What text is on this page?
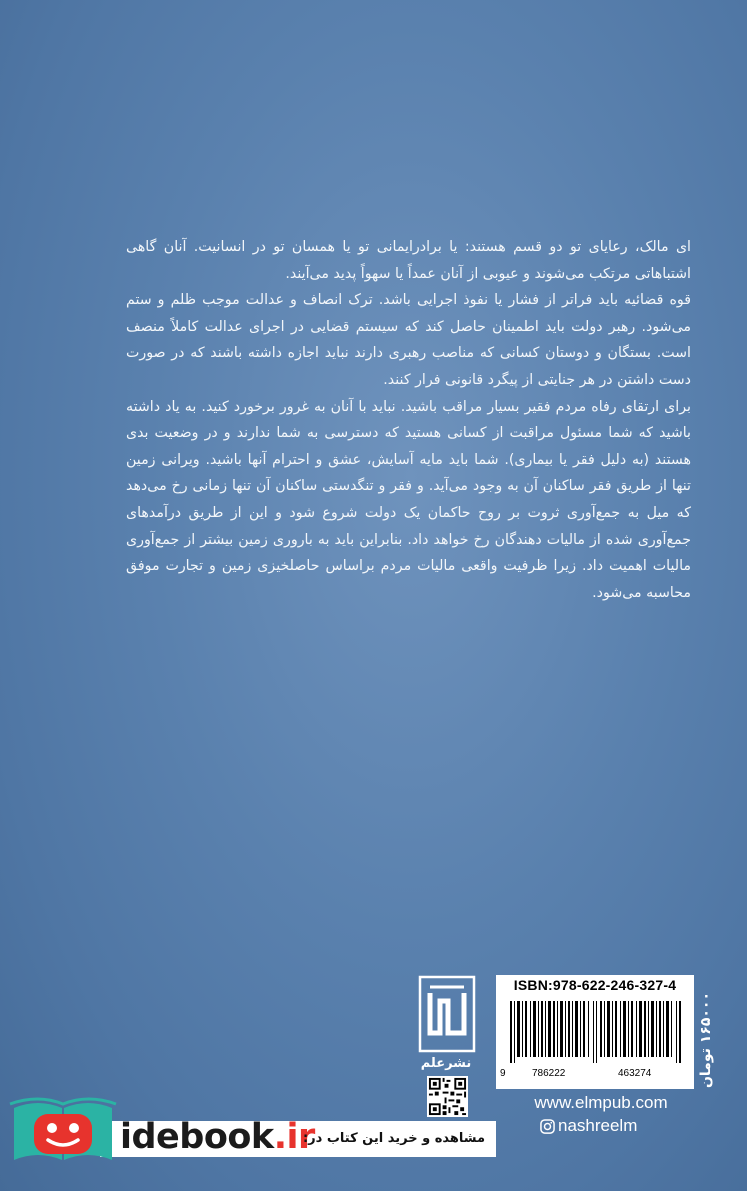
ای مالک، رعایای تو دو قسم هستند: یا برادرایمانی تو یا همسان تو در انسانیت. آنان گاهی اشتباهاتی مرتکب می‌شوند و عیوبی از آنان عمداً یا سهواً پدید می‌آیند.

قوه قضائیه باید فراتر از فشار یا نفوذ اجرایی باشد. ترک انصاف و عدالت موجب ظلم و ستم می‌شود. رهبر دولت باید اطمینان حاصل کند که سیستم قضایی در اجرای عدالت کاملاً منصف است. بستگان و دوستان کسانی که مناصب رهبری دارند نباید اجازه داشته باشند که در صورت دست داشتن در هر جنایتی از پیگرد قانونی فرار کنند.

برای ارتقای رفاه مردم فقیر بسیار مراقب باشید. نباید با آنان به غرور برخورد کنید. به یاد داشته باشید که شما مسئول مراقبت از کسانی هستید که دسترسی به شما ندارند و در وضعیت بدی هستند (به دلیل فقر یا بیماری). شما باید مایه آسایش، عشق و احترام آنها باشید. ویرانی زمین تنها از طریق فقر ساکنان آن به وجود می‌آید. و فقر و تنگدستی ساکنان آن تنها زمانی رخ می‌دهد که میل به جمع‌آوری ثروت بر روح حاکمان یک دولت شروع شود و این از طریق درآمدهای جمع‌آوری شده از مالیات دهندگان رخ خواهد داد. بنابراین باید به باروری زمین بیشتر از جمع‌آوری مالیات اهمیت داد. زیرا ظرفیت واقعی مالیات مردم براساس حاصلخیزی زمین و تجارت موفق محاسبه می‌شود.

نشرعلم
ISBN:978-622-246-327-4
9	786222	463274	۱۶۵۰۰۰ تومان
www.elmpub.com
nashreelm
idebook.ir
مشاهده و خرید این کتاب در:
